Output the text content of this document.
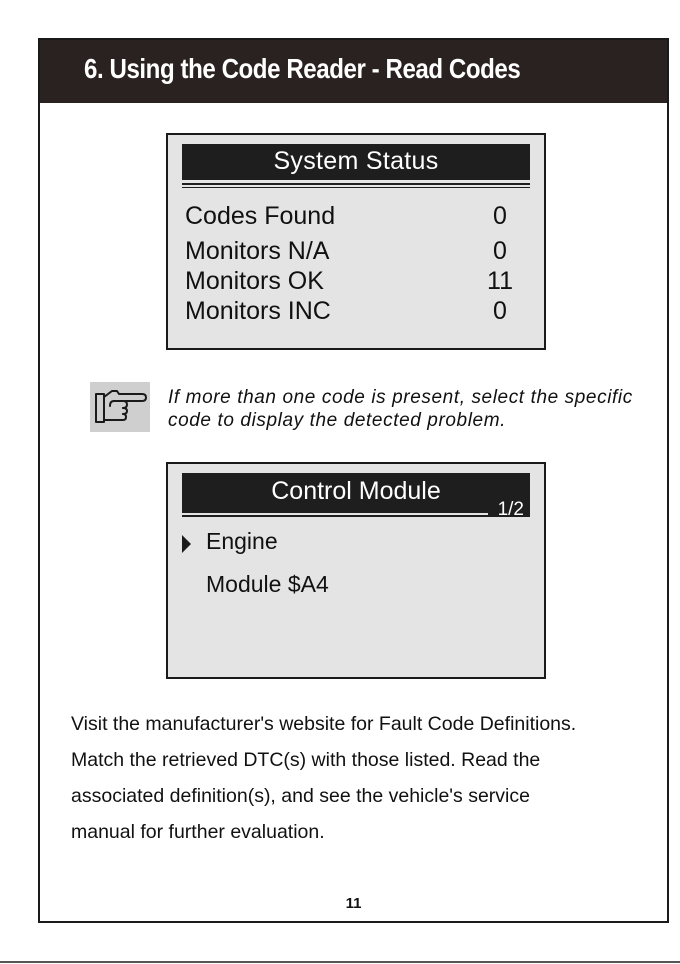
6. Using the Code Reader - Read Codes
System Status
Codes Found	0
Monitors N/A	0
Monitors OK	11
Monitors INC	0
If more than one code is present, select the specific code to display the detected problem.
Control Module
1/2
Engine
Module $A4
Visit the manufacturer's website for Fault Code Definitions.
Match the retrieved DTC(s) with those listed. Read the
associated definition(s), and see the vehicle's service
manual for further evaluation.
11
